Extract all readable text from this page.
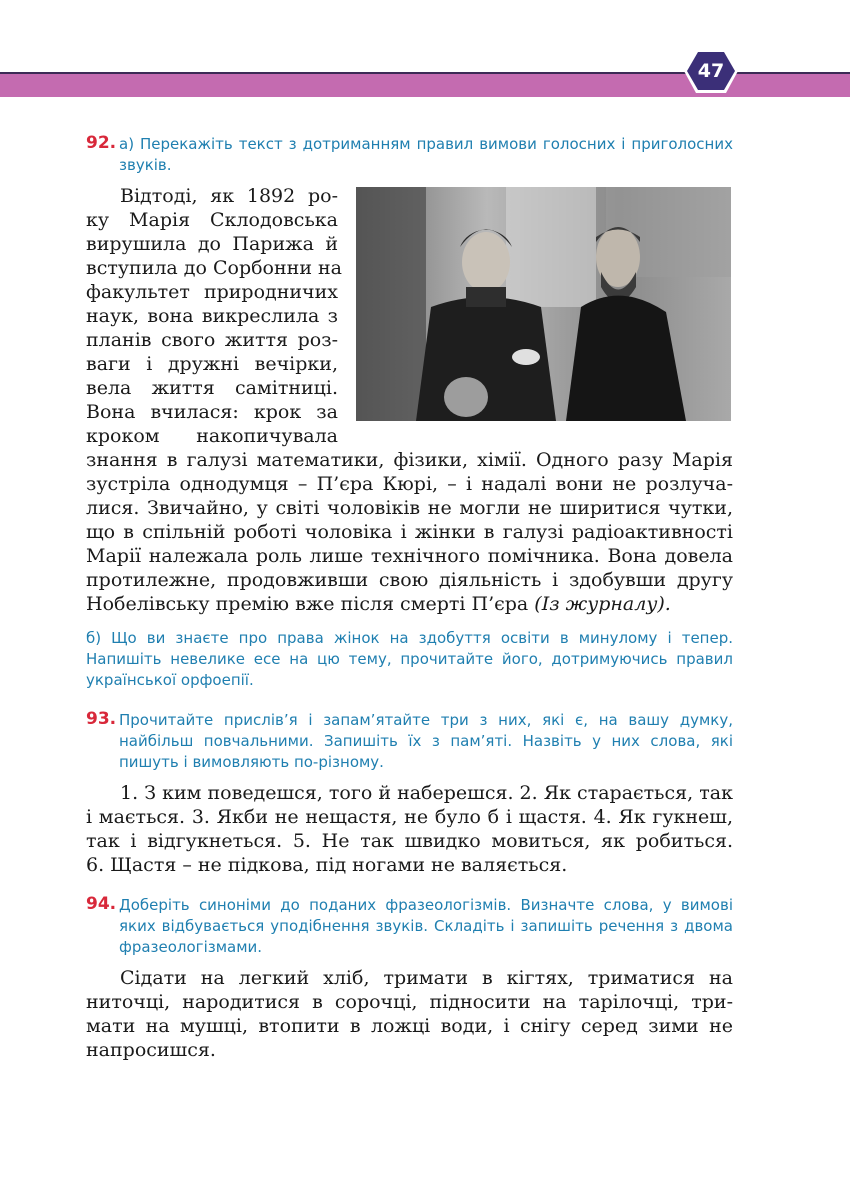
47
92. а) Перекажіть текст з дотриманням правил вимови голосних і приголосних звуків.
Відтоді, як 1892 ро-
ку Марія Склодовська
вирушила до Парижа й
вступила до Сорбонни на
факультет природничих
наук, вона викреслила з
планів свого життя роз-
ваги і дружні вечірки,
вела життя самітниці.
Вона вчилася: крок за
кроком накопичувала
знання в галузі математики, фізики, хімії. Одного разу Марія
зустріла однодумця – П’єра Кюрі, – і надалі вони не розлуча-
лися. Звичайно, у світі чоловіків не могли не ширитися чутки,
що в спільній роботі чоловіка і жінки в галузі радіоактивності
Марії належала роль лише технічного помічника. Вона довела
протилежне, продовживши свою діяльність і здобувши другу
Нобелівську премію вже після смерті П’єра (Із журналу).
б) Що ви знаєте про права жінок на здобуття освіти в минулому і тепер. Напишіть невелике есе на цю тему, прочитайте його, дотримуючись правил української орфоепії.
93. Прочитайте прислів’я і запам’ятайте три з них, які є, на вашу думку, найбільш повчальними. Запишіть їх з пам’яті. Назвіть у них слова, які пишуть і вимовляють по-різному.
1. З ким поведешся, того й наберешся. 2. Як старається, так
і мається. 3. Якби не нещастя, не було б і щастя. 4. Як гукнеш,
так і відгукнеться. 5. Не так швидко мовиться, як робиться.
6. Щастя – не підкова, під ногами не валяється.
94. Доберіть синоніми до поданих фразеологізмів. Визначте слова, у вимові яких відбувається уподібнення звуків. Складіть і запишіть речення з двома фразеологізмами.
Сідати на легкий хліб, тримати в кігтях, триматися на
ниточці, народитися в сорочці, підносити на тарілочці, три-
мати на мушці, втопити в ложці води, і снігу серед зими не
напросишся.
